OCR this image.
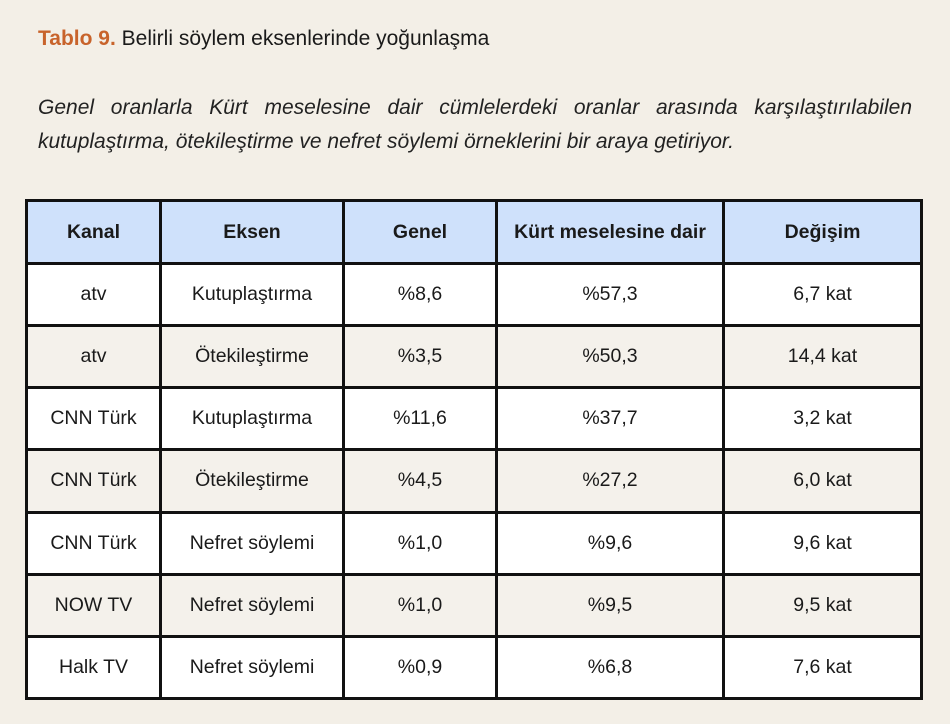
Tablo 9. Belirli söylem eksenlerinde yoğunlaşma
Genel oranlarla Kürt meselesine dair cümlelerdeki oranlar arasında karşılaştırılabilen kutuplaştırma, ötekileştirme ve nefret söylemi örneklerini bir araya getiriyor.
Kanal	Eksen	Genel	Kürt meselesine dair	Değişim
atv	Kutuplaştırma	%8,6	%57,3	6,7 kat
atv	Ötekileştirme	%3,5	%50,3	14,4 kat
CNN Türk	Kutuplaştırma	%11,6	%37,7	3,2 kat
CNN Türk	Ötekileştirme	%4,5	%27,2	6,0 kat
CNN Türk	Nefret söylemi	%1,0	%9,6	9,6 kat
NOW TV	Nefret söylemi	%1,0	%9,5	9,5 kat
Halk TV	Nefret söylemi	%0,9	%6,8	7,6 kat
